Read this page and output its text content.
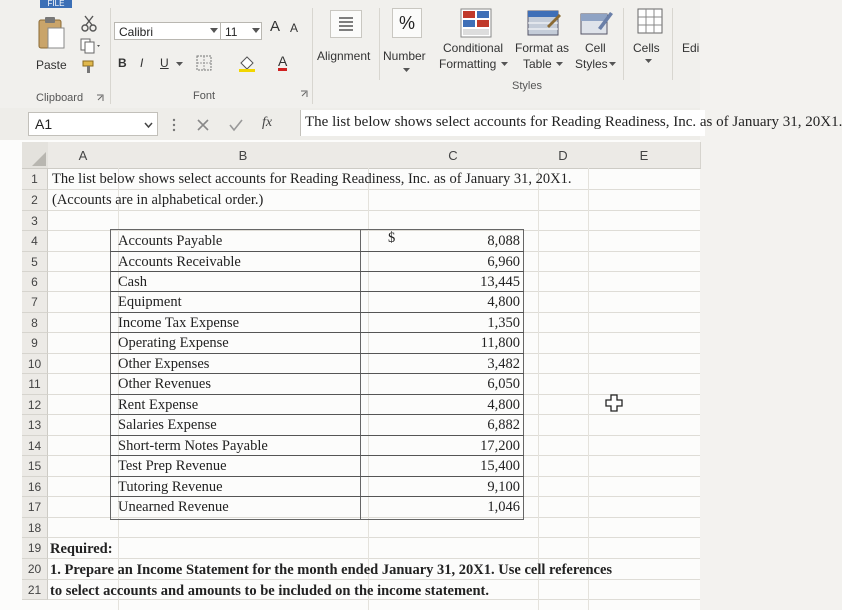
FILE
Paste
Clipboard
Calibri	11	A A
B I U	A
Font
Alignment
%
Number
Conditional
Formatting
Format as
Table
Cell
Styles
Styles
Cells Edi
A1	fx	The list below shows select accounts for Reading Readiness, Inc. as of January 31, 20X1.
A	B	C	D	E
1
2
3
4
5
6
7
8
9
10
11
12
13
14
15
16
17
18
19
20
21
The list below shows select accounts for Reading Readiness, Inc. as of January 31, 20X1.
(Accounts are in alphabetical order.)
$
Accounts Payable	8,088
Accounts Receivable	6,960
Cash	13,445
Equipment	4,800
Income Tax Expense	1,350
Operating Expense	11,800
Other Expenses	3,482
Other Revenues	6,050
Rent Expense	4,800
Salaries Expense	6,882
Short-term Notes Payable	17,200
Test Prep Revenue	15,400
Tutoring Revenue	9,100
Unearned Revenue	1,046
Required:
1. Prepare an Income Statement for the month ended January 31, 20X1. Use cell references
to select accounts and amounts to be included on the income statement.
